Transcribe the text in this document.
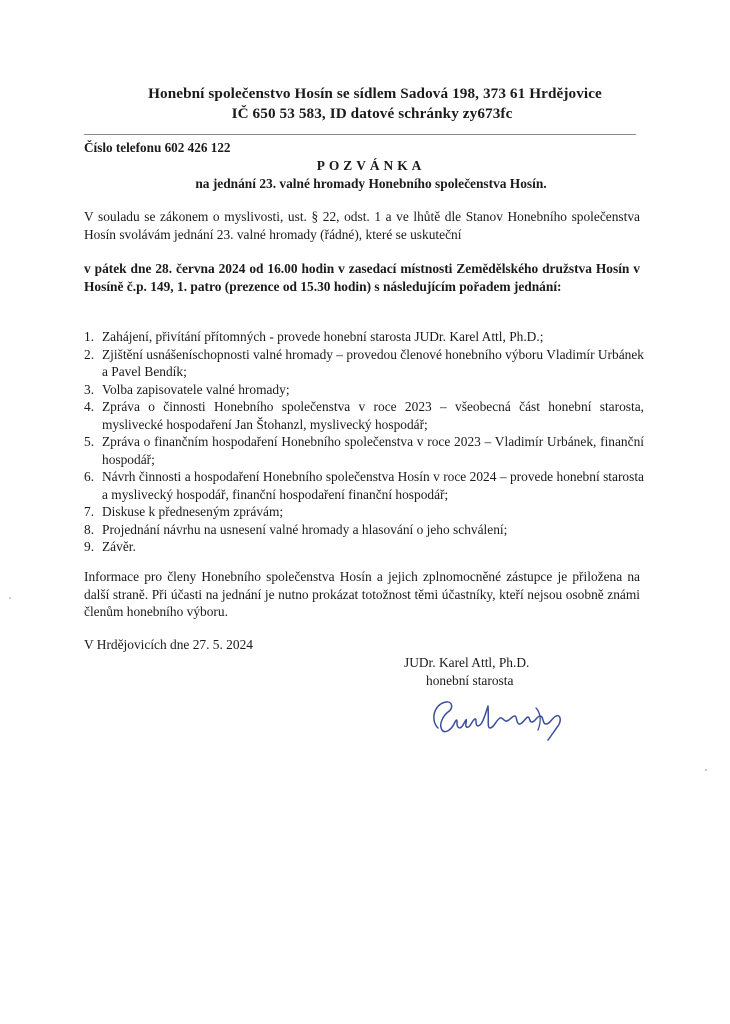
Honební společenstvo Hosín se sídlem Sadová 198, 373 61 Hrdějovice
IČ 650 53 583, ID datové schránky zy673fc
Číslo telefonu 602 426 122
POZVÁNKA
na jednání 23. valné hromady Honebního společenstva Hosín.
V souladu se zákonem o myslivosti, ust. § 22, odst. 1 a ve lhůtě dle Stanov Honebního společenstva Hosín svolávám jednání 23. valné hromady (řádné), které se uskuteční
v pátek dne 28. června 2024 od 16.00 hodin v zasedací místnosti Zemědělského družstva Hosín v Hosíně č.p. 149, 1. patro (prezence od 15.30 hodin) s následujícím pořadem jednání:
1. Zahájení, přivítání přítomných - provede honební starosta JUDr. Karel Attl, Ph.D.;
2. Zjištění usnášeníschopnosti valné hromady – provedou členové honebního výboru Vladimír Urbánek a Pavel Bendík;
3. Volba zapisovatele valné hromady;
4. Zpráva o činnosti Honebního společenstva v roce 2023 – všeobecná část honební starosta, myslivecké hospodaření Jan Štohanzl, myslivecký hospodář;
5. Zpráva o finančním hospodaření Honebního společenstva v roce 2023 – Vladimír Urbánek, finanční hospodář;
6. Návrh činnosti a hospodaření Honebního společenstva Hosín v roce 2024 – provede honební starosta a myslivecký hospodář, finanční hospodaření finanční hospodář;
7. Diskuse k předneseným zprávám;
8. Projednání návrhu na usnesení valné hromady a hlasování o jeho schválení;
9. Závěr.
Informace pro členy Honebního společenstva Hosín a jejich zplnomocněné zástupce je přiložena na další straně. Při účasti na jednání je nutno prokázat totožnost těmi účastníky, kteří nejsou osobně známi členům honebního výboru.
V Hrdějovicích dne 27. 5. 2024
JUDr. Karel Attl, Ph.D.
honební starosta
